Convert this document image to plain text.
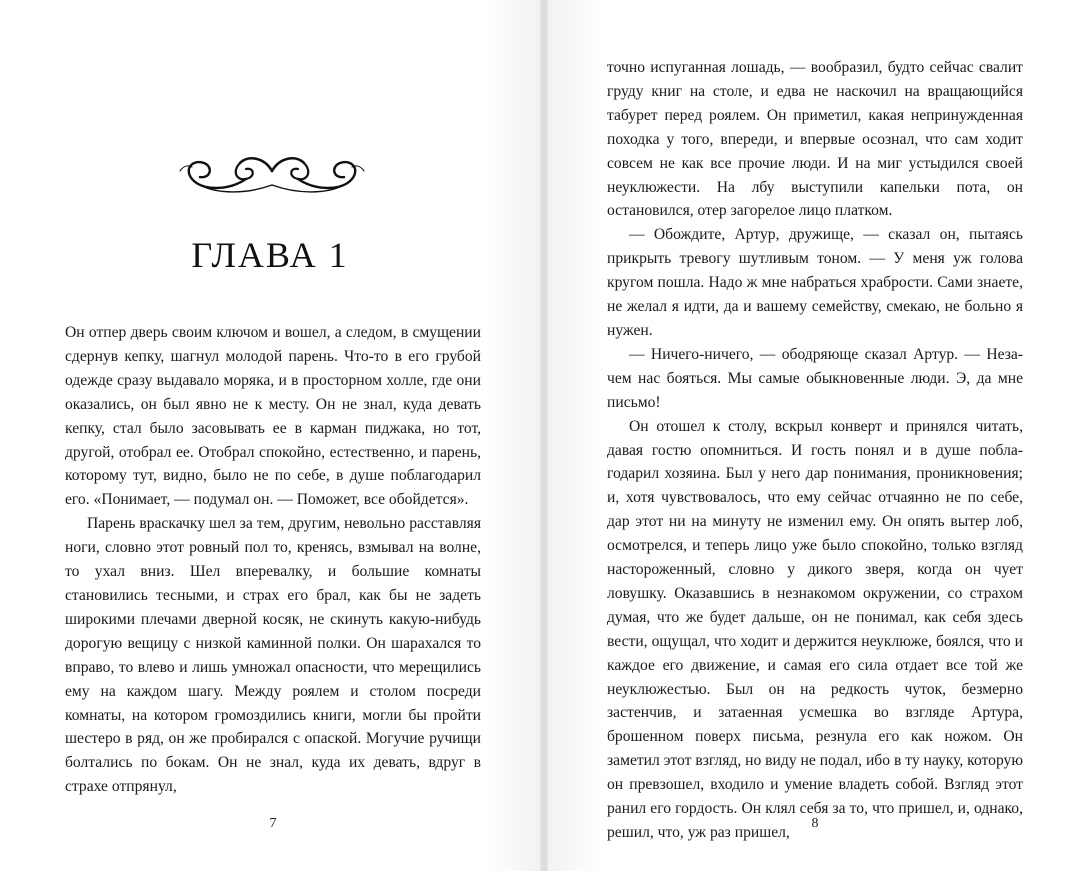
ГЛАВА 1

Он отпер дверь своим ключом и вошел, а следом, в смущении сдернув кепку, шагнул молодой парень. Что-то в его грубой одежде сразу выдавало моряка, и в просторном холле, где они оказались, он был явно не к месту. Он не знал, куда девать кепку, стал было засовывать ее в карман пиджака, но тот, другой, отобрал ее. Отобрал спокойно, естественно, и парень, которому тут, видно, было не по себе, в душе поблагодарил его. «Понимает, — подумал он. — Поможет, все обойдется».

Парень враскачку шел за тем, другим, невольно расставляя ноги, словно этот ровный пол то, кренясь, взмывал на волне, то ухал вниз. Шел вперевалку, и большие комнаты становились тесными, и страх его брал, как бы не задеть широкими плечами дверной косяк, не скинуть какую-нибудь дорогую вещицу с низкой каминной полки. Он шарахался то вправо, то влево и лишь умножал опасности, что мерещились ему на каждом шагу. Между роялем и столом посреди комнаты, на котором громоздились книги, могли бы пройти шестеро в ряд, он же пробирался с опаской. Могучие ручищи болтались по бокам. Он не знал, куда их девать, вдруг в страхе отпрянул,

7

точно испуганная лошадь, — вообразил, будто сейчас свалит груду книг на столе, и едва не наскочил на вращающийся табурет перед роялем. Он приметил, какая непринужденная походка у того, впереди, и впервые осознал, что сам ходит совсем не как все прочие люди. И на миг устыдился своей неуклюжести. На лбу выступили капельки пота, он остановился, отер загорелое лицо платком.

— Обождите, Артур, дружище, — сказал он, пытаясь прикрыть тревогу шутливым тоном. — У меня уж голова кругом пошла. Надо ж мне набраться храбрости. Сами знаете, не желал я идти, да и вашему семейству, смекаю, не больно я нужен.

— Ничего-ничего, — ободряюще сказал Артур. — Незачем нас бояться. Мы самые обыкновенные люди. Э, да мне письмо!

Он отошел к столу, вскрыл конверт и принялся читать, давая гостю опомниться. И гость понял и в душе поблагодарил хозяина. Был у него дар понимания, проникновения; и, хотя чувствовалось, что ему сейчас отчаянно не по себе, дар этот ни на минуту не изменил ему. Он опять вытер лоб, осмотрелся, и теперь лицо уже было спокойно, только взгляд настороженный, словно у дикого зверя, когда он чует ловушку. Оказавшись в незнакомом окружении, со страхом думая, что же будет дальше, он не понимал, как себя здесь вести, ощущал, что ходит и держится неуклюже, боялся, что и каждое его движение, и самая его сила отдает все той же неуклюжестью. Был он на редкость чуток, безмерно застенчив, и затаенная усмешка во взгляде Артура, брошенном поверх письма, резнула его как ножом. Он заметил этот взгляд, но виду не подал, ибо в ту науку, которую он превзошел, входило и умение владеть собой. Взгляд этот ранил его гордость. Он клял себя за то, что пришел, и, однако, решил, что, уж раз пришел,

8
